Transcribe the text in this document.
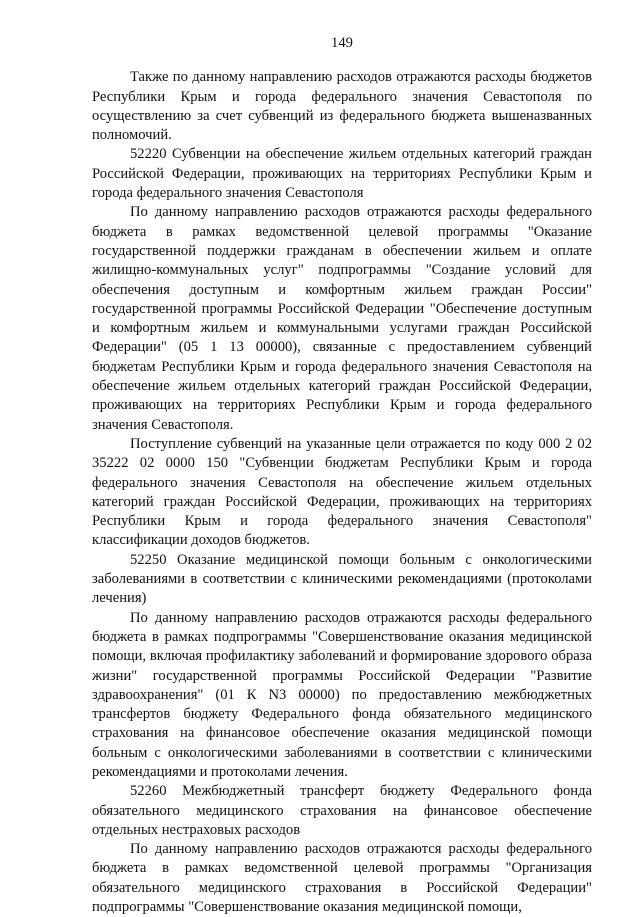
149

Также по данному направлению расходов отражаются расходы бюджетов Республики Крым и города федерального значения Севастополя по осуществлению за счет субвенций из федерального бюджета вышеназванных полномочий.

52220 Субвенции на обеспечение жильем отдельных категорий граждан Российской Федерации, проживающих на территориях Республики Крым и города федерального значения Севастополя

По данному направлению расходов отражаются расходы федерального бюджета в рамках ведомственной целевой программы "Оказание государственной поддержки гражданам в обеспечении жильем и оплате жилищно-коммунальных услуг" подпрограммы "Создание условий для обеспечения доступным и комфортным жильем граждан России" государственной программы Российской Федерации "Обеспечение доступным и комфортным жильем и коммунальными услугами граждан Российской Федерации" (05 1 13 00000), связанные с предоставлением субвенций бюджетам Республики Крым и города федерального значения Севастополя на обеспечение жильем отдельных категорий граждан Российской Федерации, проживающих на территориях Республики Крым и города федерального значения Севастополя.

Поступление субвенций на указанные цели отражается по коду 000 2 02 35222 02 0000 150 "Субвенции бюджетам Республики Крым и города федерального значения Севастополя на обеспечение жильем отдельных категорий граждан Российской Федерации, проживающих на территориях Республики Крым и города федерального значения Севастополя" классификации доходов бюджетов.

52250 Оказание медицинской помощи больным с онкологическими заболеваниями в соответствии с клиническими рекомендациями (протоколами лечения)

По данному направлению расходов отражаются расходы федерального бюджета в рамках подпрограммы "Совершенствование оказания медицинской помощи, включая профилактику заболеваний и формирование здорового образа жизни" государственной программы Российской Федерации "Развитие здравоохранения" (01 К N3 00000) по предоставлению межбюджетных трансфертов бюджету Федерального фонда обязательного медицинского страхования на финансовое обеспечение оказания медицинской помощи больным с онкологическими заболеваниями в соответствии с клиническими рекомендациями и протоколами лечения.

52260 Межбюджетный трансферт бюджету Федерального фонда обязательного медицинского страхования на финансовое обеспечение отдельных нестраховых расходов

По данному направлению расходов отражаются расходы федерального бюджета в рамках ведомственной целевой программы "Организация обязательного медицинского страхования в Российской Федерации" подпрограммы "Совершенствование оказания медицинской помощи,
